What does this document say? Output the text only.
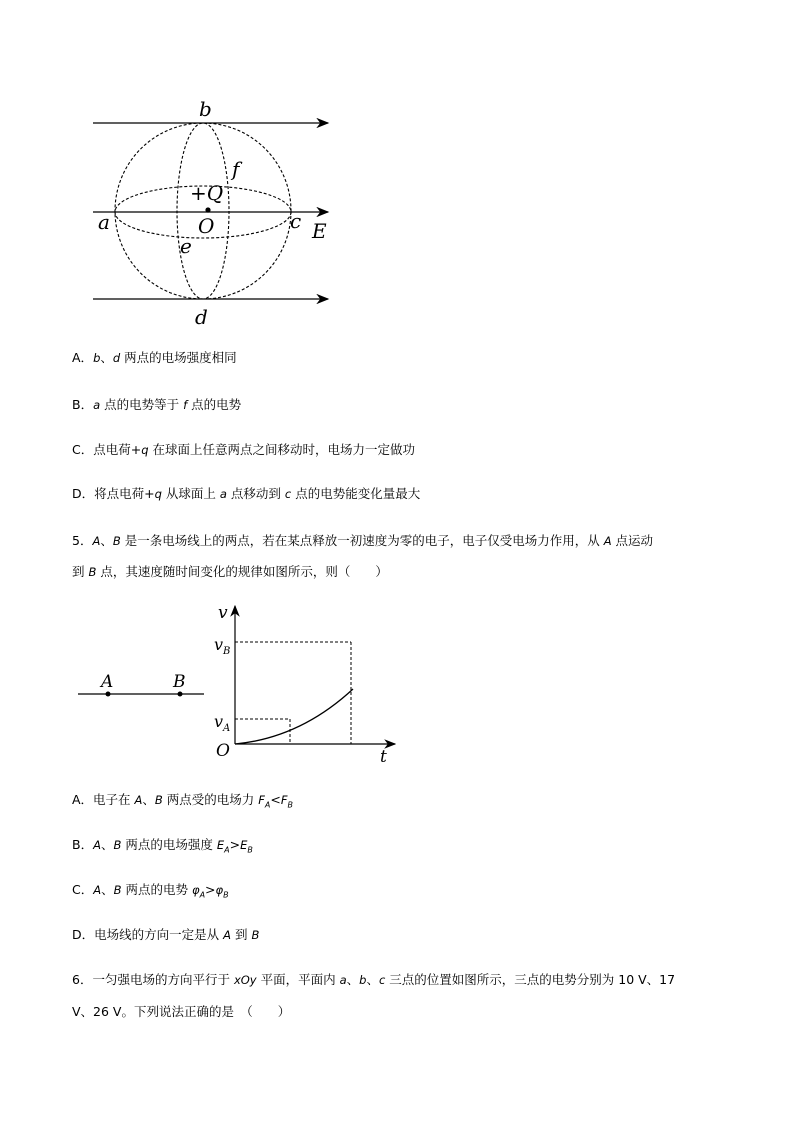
b
f
+Q
O
a	c
e
E
d
A．b、d 两点的电场强度相同
B．a 点的电势等于 f 点的电势
C．点电荷+q 在球面上任意两点之间移动时，电场力一定做功
D．将点电荷+q 从球面上 a 点移动到 c 点的电势能变化量最大
5．A、B 是一条电场线上的两点，若在某点释放一初速度为零的电子，电子仅受电场力作用，从 A 点运动
到 B 点，其速度随时间变化的规律如图所示，则（　　）
A	B
v
$v_B$
$v_A$
O	t
A．电子在 A、B 两点受的电场力 $F_A<F_B$
B．A、B 两点的电场强度 $E_A>E_B$
C．A、B 两点的电势 $\varphi_A>\varphi_B$
D．电场线的方向一定是从 A 到 B
6．一匀强电场的方向平行于 xOy 平面，平面内 a、b、c 三点的位置如图所示，三点的电势分别为 10 V、17
V、26 V。下列说法正确的是　（　　）
